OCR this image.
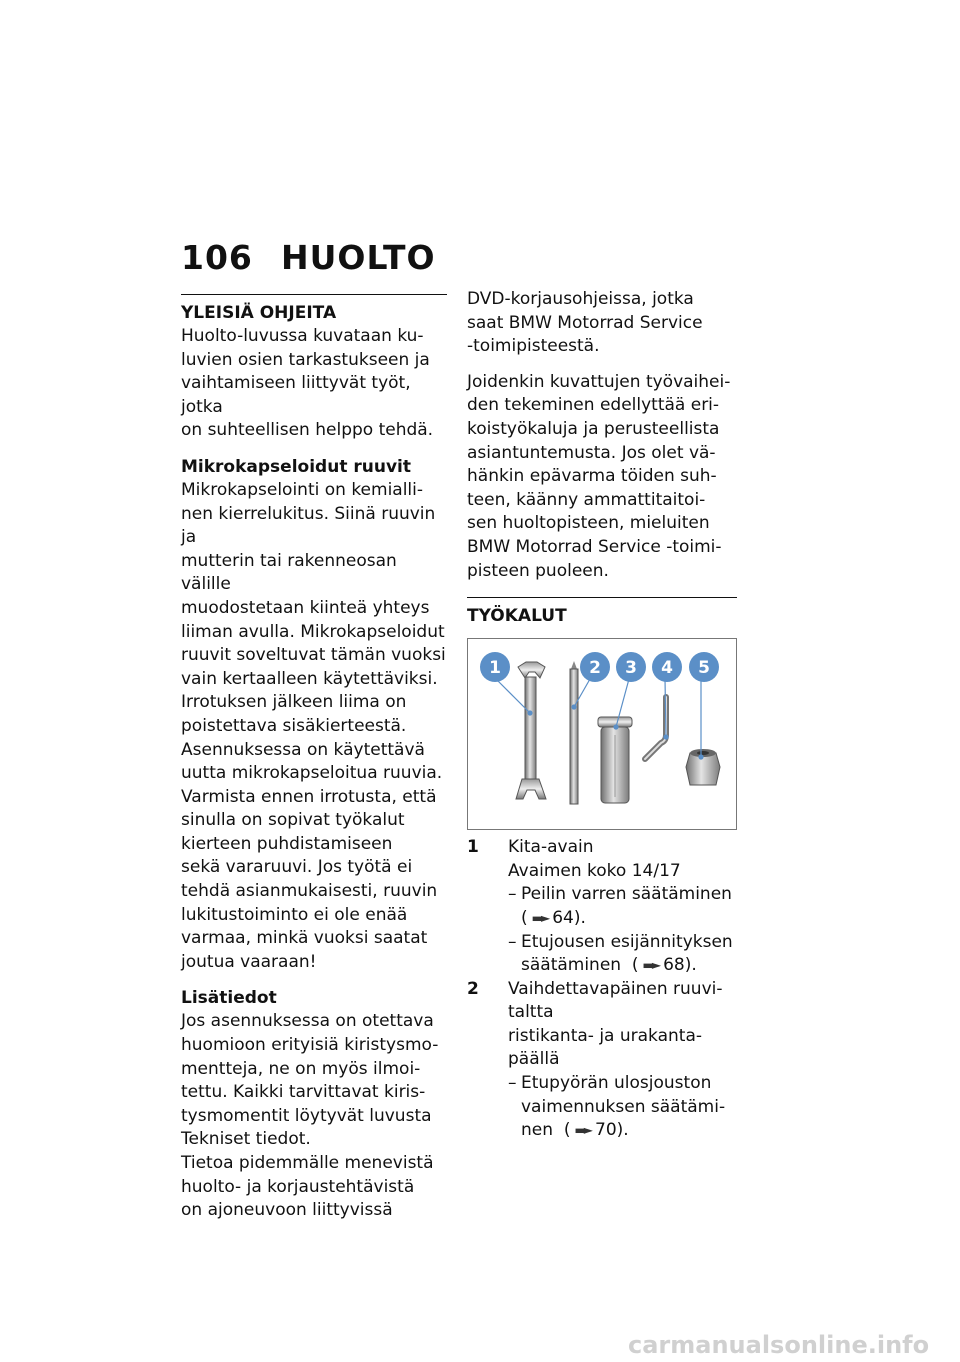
106 HUOLTO

YLEISIÄ OHJEITA

Huolto-luvussa kuvataan ku-

luvien osien tarkastukseen ja

vaihtamiseen liittyvät työt, jotka

on suhteellisen helppo tehdä.

Mikrokapseloidut ruuvit

Mikrokapselointi on kemialli-

nen kierrelukitus. Siinä ruuvin ja

mutterin tai rakenneosan välille

muodostetaan kiinteä yhteys

liiman avulla. Mikrokapseloidut

ruuvit soveltuvat tämän vuoksi

vain kertaalleen käytettäviksi.

Irrotuksen jälkeen liima on

poistettava sisäkierteestä.

Asennuksessa on käytettävä

uutta mikrokapseloitua ruuvia.

Varmista ennen irrotusta, että

sinulla on sopivat työkalut

kierteen puhdistamiseen

sekä vararuuvi. Jos työtä ei

tehdä asianmukaisesti, ruuvin

lukitustoiminto ei ole enää

varmaa, minkä vuoksi saatat

joutua vaaraan!

Lisätiedot

Jos asennuksessa on otettava

huomioon erityisiä kiristysmo-

mentteja, ne on myös ilmoi-

tettu. Kaikki tarvittavat kiris-

tysmomentit löytyvät luvusta

Tekniset tiedot.

Tietoa pidemmälle menevistä

huolto- ja korjaustehtävistä

on ajoneuvoon liittyvissä

DVD-korjausohjeissa, jotka

saat BMW Motorrad Service

-toimipisteestä.

Joidenkin kuvattujen työvaihei-

den tekeminen edellyttää eri-

koistyökaluja ja perusteellista

asiantuntemusta. Jos olet vä-

hänkin epävarma töiden suh-

teen, käänny ammattitaitoi-

sen huoltopisteen, mieluiten

BMW Motorrad Service -toimi-

pisteen puoleen.

TYÖKALUT

1	2 3 4 5
1	Kita-avain

Avaimen koko 14/17

– Peilin varren säätäminen

( ▬► 64).

– Etujousen esijännityksen

säätäminen  ( ▬► 68).

2	Vaihdettavapäinen ruuvi-

taltta

ristikanta- ja urakanta-

päällä

– Etupyörän ulosjouston

vaimennuksen säätämi-

nen  ( ▬► 70).

carmanualsonline.info
